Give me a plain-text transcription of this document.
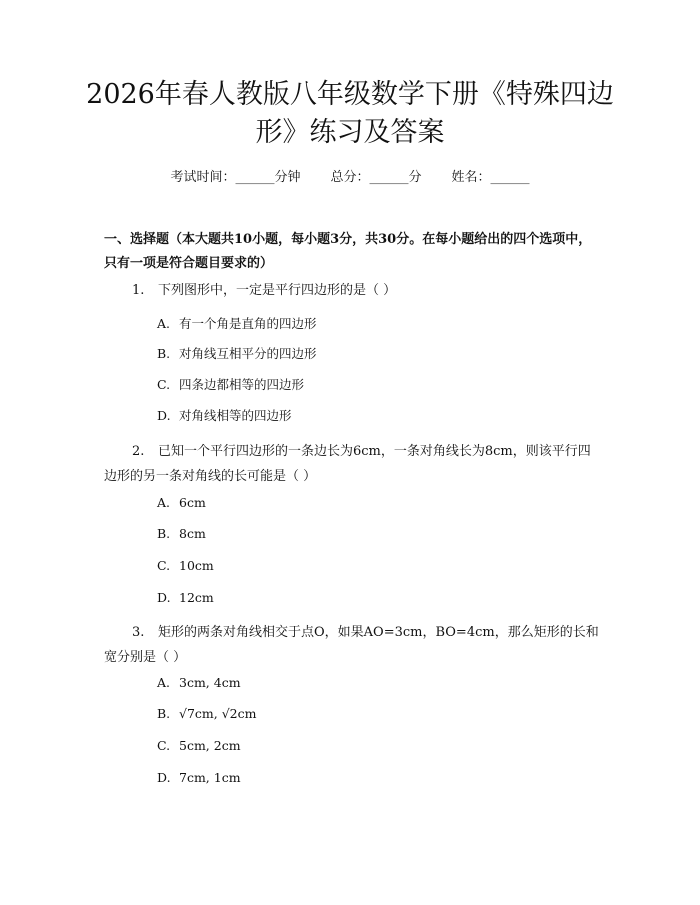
2026年春人教版八年级数学下册《特殊四边
形》练习及答案
考试时间：______分钟 总分：______分 姓名：______

一、选择题（本大题共10小题，每小题3分，共30分。在每小题给出的四个选项中，只有一项是符合题目要求的）

1. 下列图形中，一定是平行四边形的是（ ）
A. 有一个角是直角的四边形
B. 对角线互相平分的四边形
C. 四条边都相等的四边形
D. 对角线相等的四边形
2. 已知一个平行四边形的一条边长为6cm，一条对角线长为8cm，则该平行四边形的另一条对角线的长可能是（ ）
A. 6cm
B. 8cm
C. 10cm
D. 12cm
3. 矩形的两条对角线相交于点O，如果AO=3cm，BO=4cm，那么矩形的长和宽分别是（ ）
A. 3cm, 4cm
B. √7cm, √2cm
C. 5cm, 2cm
D. 7cm, 1cm
